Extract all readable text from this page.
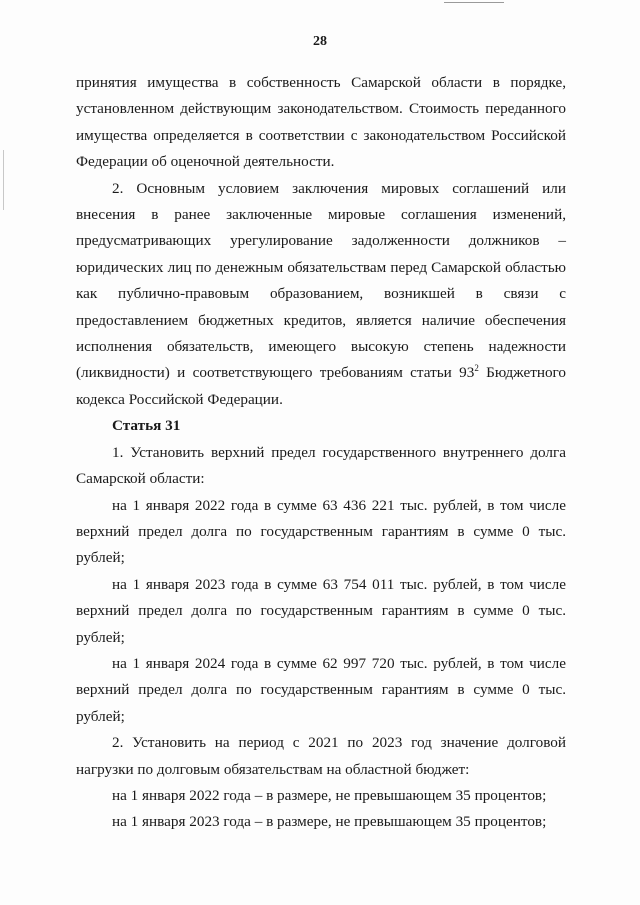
28

принятия имущества в собственность Самарской области в порядке, установленном действующим законодательством. Стоимость переданного имущества определяется в соответствии с законодательством Российской Федерации об оценочной деятельности.

2. Основным условием заключения мировых соглашений или внесения в ранее заключенные мировые соглашения изменений, предусматривающих урегулирование задолженности должников – юридических лиц по денежным обязательствам перед Самарской областью как публично-правовым образованием, возникшей в связи с предоставлением бюджетных кредитов, является наличие обеспечения исполнения обязательств, имеющего высокую степень надежности (ликвидности) и соответствующего требованиям статьи $93^2$ Бюджетного кодекса Российской Федерации.

Статья 31

1. Установить верхний предел государственного внутреннего долга Самарской области:

на 1 января 2022 года в сумме 63 436 221 тыс. рублей, в том числе верхний предел долга по государственным гарантиям в сумме 0 тыс. рублей;

на 1 января 2023 года в сумме 63 754 011 тыс. рублей, в том числе верхний предел долга по государственным гарантиям в сумме 0 тыс. рублей;

на 1 января 2024 года в сумме 62 997 720 тыс. рублей, в том числе верхний предел долга по государственным гарантиям в сумме 0 тыс. рублей;

2. Установить на период с 2021 по 2023 год значение долговой нагрузки по долговым обязательствам на областной бюджет:

на 1 января 2022 года – в размере, не превышающем 35 процентов;

на 1 января 2023 года – в размере, не превышающем 35 процентов;
